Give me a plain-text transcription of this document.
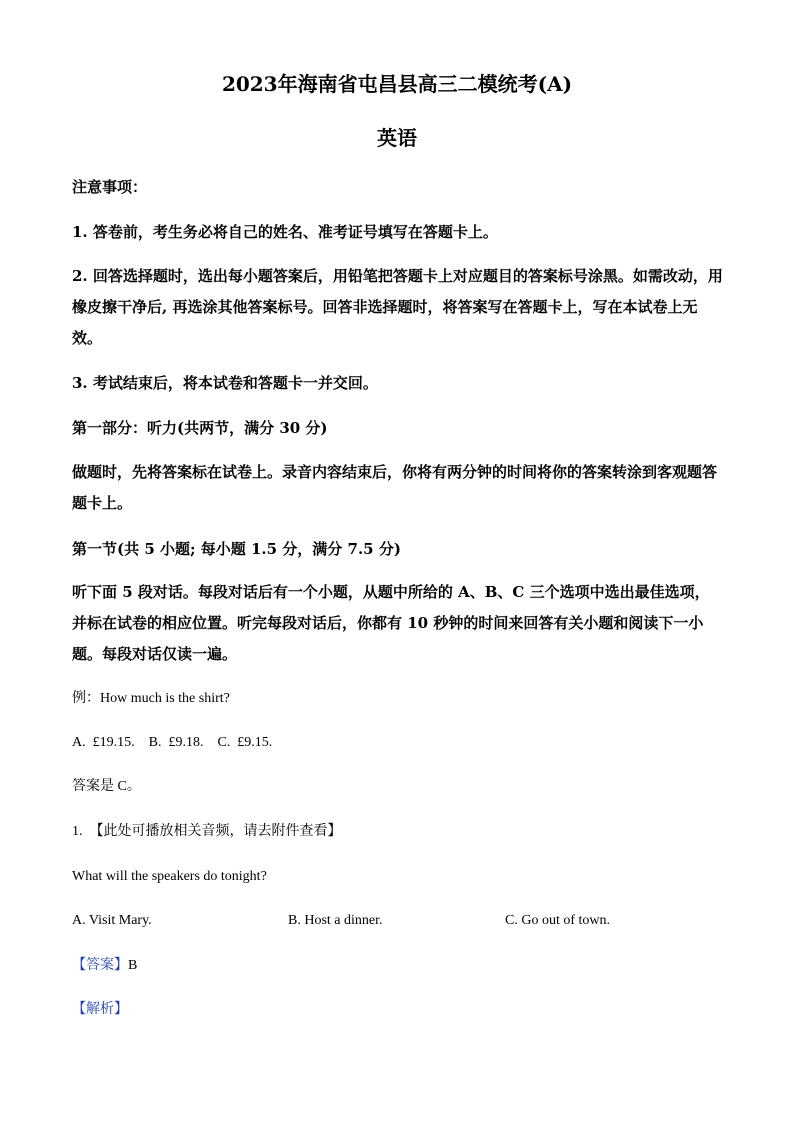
2023年海南省屯昌县高三二模统考(A)
英语

注意事项：

1. 答卷前，考生务必将自己的姓名、准考证号填写在答题卡上。

2. 回答选择题时，选出每小题答案后，用铅笔把答题卡上对应题目的答案标号涂黑。如需改动，用橡皮擦干净后, 再选涂其他答案标号。回答非选择题时，将答案写在答题卡上，写在本试卷上无效。

3. 考试结束后，将本试卷和答题卡一并交回。

第一部分：听力(共两节，满分 30 分)

做题时，先将答案标在试卷上。录音内容结束后，你将有两分钟的时间将你的答案转涂到客观题答题卡上。

第一节(共 5 小题; 每小题 1.5 分，满分 7.5 分)

听下面 5 段对话。每段对话后有一个小题，从题中所给的 A、B、C 三个选项中选出最佳选项，并标在试卷的相应位置。听完每段对话后，你都有 10 秒钟的时间来回答有关小题和阅读下一小题。每段对话仅读一遍。

例：How much is the shirt?

A.  £19.15.    B.  £9.18.    C.  £9.15.

答案是 C。

1. 【此处可播放相关音频，请去附件查看】

What will the speakers do tonight?

A. Visit Mary.	B. Host a dinner.	C. Go out of town.

【答案】B

【解析】
